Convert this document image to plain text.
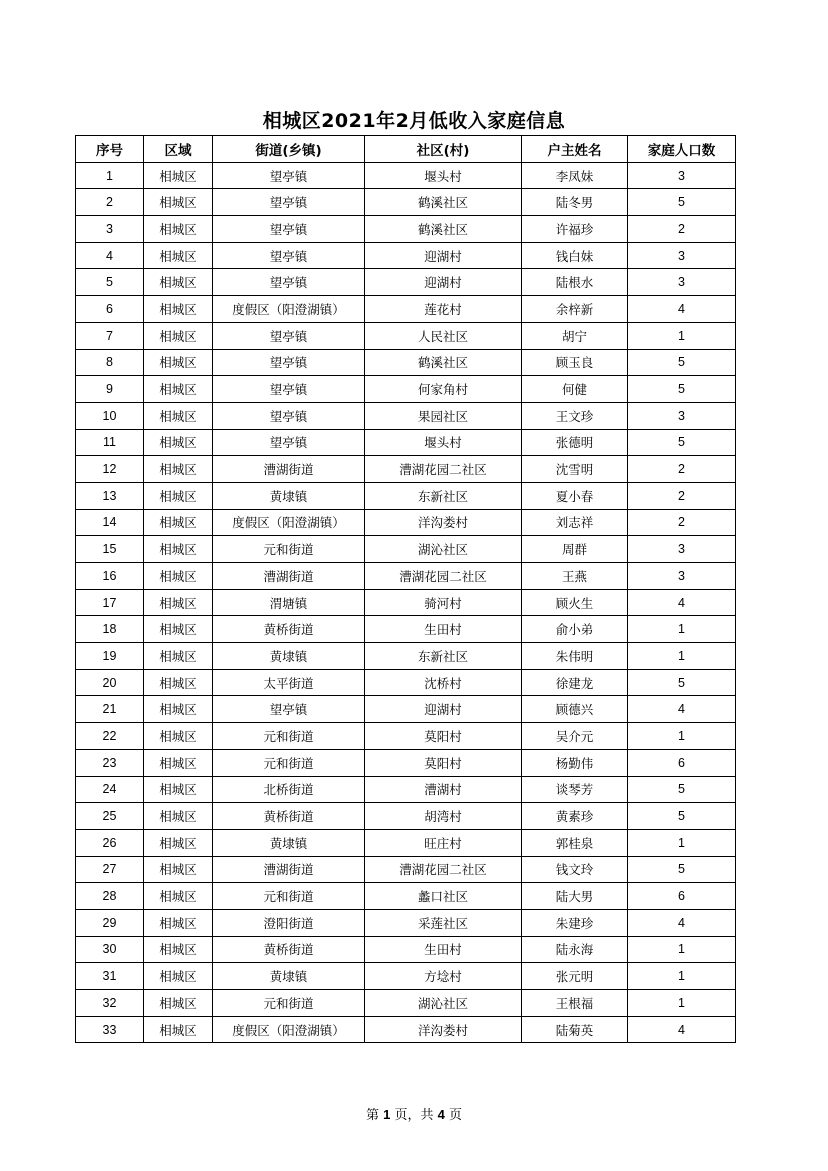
相城区2021年2月低收入家庭信息
序号	区域	街道(乡镇)	社区(村)	户主姓名	家庭人口数
1	相城区	望亭镇	堰头村	李凤妹	3
2	相城区	望亭镇	鹤溪社区	陆冬男	5
3	相城区	望亭镇	鹤溪社区	许福珍	2
4	相城区	望亭镇	迎湖村	钱白妹	3
5	相城区	望亭镇	迎湖村	陆根水	3
6	相城区	度假区（阳澄湖镇）	莲花村	余梓新	4
7	相城区	望亭镇	人民社区	胡宁	1
8	相城区	望亭镇	鹤溪社区	顾玉良	5
9	相城区	望亭镇	何家角村	何健	5
10	相城区	望亭镇	果园社区	王文珍	3
11	相城区	望亭镇	堰头村	张德明	5
12	相城区	漕湖街道	漕湖花园二社区	沈雪明	2
13	相城区	黄埭镇	东新社区	夏小春	2
14	相城区	度假区（阳澄湖镇）	洋沟娄村	刘志祥	2
15	相城区	元和街道	湖沁社区	周群	3
16	相城区	漕湖街道	漕湖花园二社区	王燕	3
17	相城区	渭塘镇	骑河村	顾火生	4
18	相城区	黄桥街道	生田村	俞小弟	1
19	相城区	黄埭镇	东新社区	朱伟明	1
20	相城区	太平街道	沈桥村	徐建龙	5
21	相城区	望亭镇	迎湖村	顾德兴	4
22	相城区	元和街道	莫阳村	吴介元	1
23	相城区	元和街道	莫阳村	杨勤伟	6
24	相城区	北桥街道	漕湖村	谈琴芳	5
25	相城区	黄桥街道	胡湾村	黄素珍	5
26	相城区	黄埭镇	旺庄村	郭桂泉	1
27	相城区	漕湖街道	漕湖花园二社区	钱文玲	5
28	相城区	元和街道	蠡口社区	陆大男	6
29	相城区	澄阳街道	采莲社区	朱建珍	4
30	相城区	黄桥街道	生田村	陆永海	1
31	相城区	黄埭镇	方埝村	张元明	1
32	相城区	元和街道	湖沁社区	王根福	1
33	相城区	度假区（阳澄湖镇）	洋沟娄村	陆菊英	4
第 1 页，共 4 页
